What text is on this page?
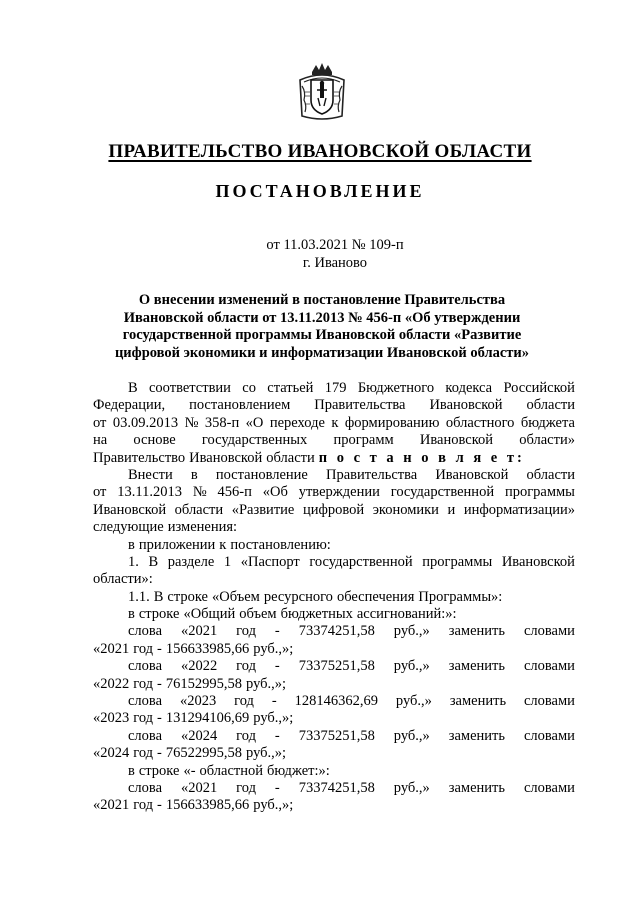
ПРАВИТЕЛЬСТВО ИВАНОВСКОЙ ОБЛАСТИ
ПОСТАНОВЛЕНИЕ
от 11.03.2021 № 109-п
г. Иваново
О внесении изменений в постановление Правительства
Ивановской области от 13.11.2013 № 456-п «Об утверждении
государственной программы Ивановской области «Развитие
цифровой экономики и информатизации Ивановской области»
В соответствии со статьей 179 Бюджетного кодекса Российской
Федерации, постановлением Правительства Ивановской области
от 03.09.2013 № 358-п «О переходе к формированию областного бюджета
на основе государственных программ Ивановской области»
Правительство Ивановской области п о с т а н о в л я е т:
Внести в постановление Правительства Ивановской области
от 13.11.2013 № 456-п «Об утверждении государственной программы
Ивановской области «Развитие цифровой экономики и информатизации»
следующие изменения:
в приложении к постановлению:
1. В разделе 1 «Паспорт государственной программы Ивановской
области»:
1.1. В строке «Объем ресурсного обеспечения Программы»:
в строке «Общий объем бюджетных ассигнований:»:
слова «2021 год - 73374251,58 руб.,» заменить словами
«2021 год - 156633985,66 руб.,»;
слова «2022 год - 73375251,58 руб.,» заменить словами
«2022 год - 76152995,58 руб.,»;
слова «2023 год - 128146362,69 руб.,» заменить словами
«2023 год - 131294106,69 руб.,»;
слова «2024 год - 73375251,58 руб.,» заменить словами
«2024 год - 76522995,58 руб.,»;
в строке «- областной бюджет:»:
слова «2021 год - 73374251,58 руб.,» заменить словами
«2021 год - 156633985,66 руб.,»;
